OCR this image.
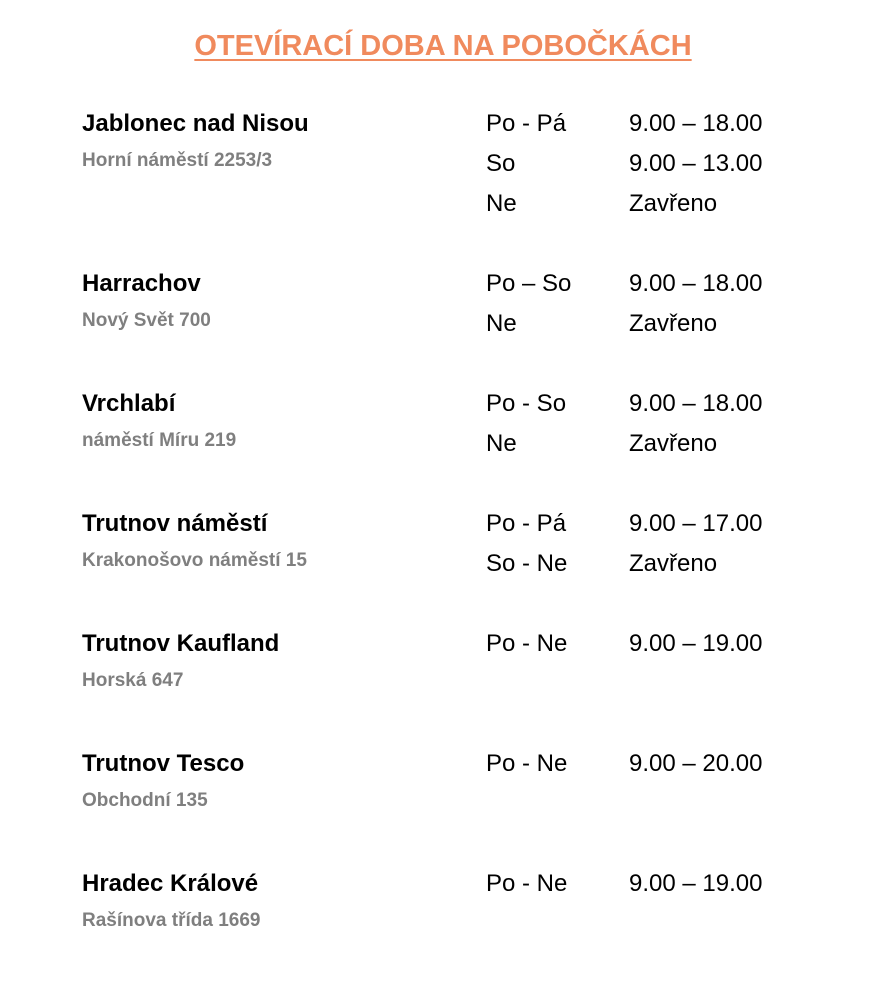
OTEVÍRACÍ DOBA NA POBOČKÁCH
Jablonec nad Nisou
Horní náměstí 2253/3
Po - Pá	9.00 – 18.00
So	9.00 – 13.00
Ne	Zavřeno
Harrachov
Nový Svět 700
Po – So 9.00 – 18.00
Ne	Zavřeno
Vrchlabí
náměstí Míru 219
Po - So	9.00 – 18.00
Ne	Zavřeno
Trutnov náměstí
Krakonošovo náměstí 15
Po - Pá	9.00 – 17.00
So - Ne	Zavřeno
Trutnov Kaufland
Horská 647
Po - Ne	9.00 – 19.00
Trutnov Tesco
Obchodní 135
Po - Ne	9.00 – 20.00
Hradec Králové
Rašínova třída 1669
Po - Ne	9.00 – 19.00
